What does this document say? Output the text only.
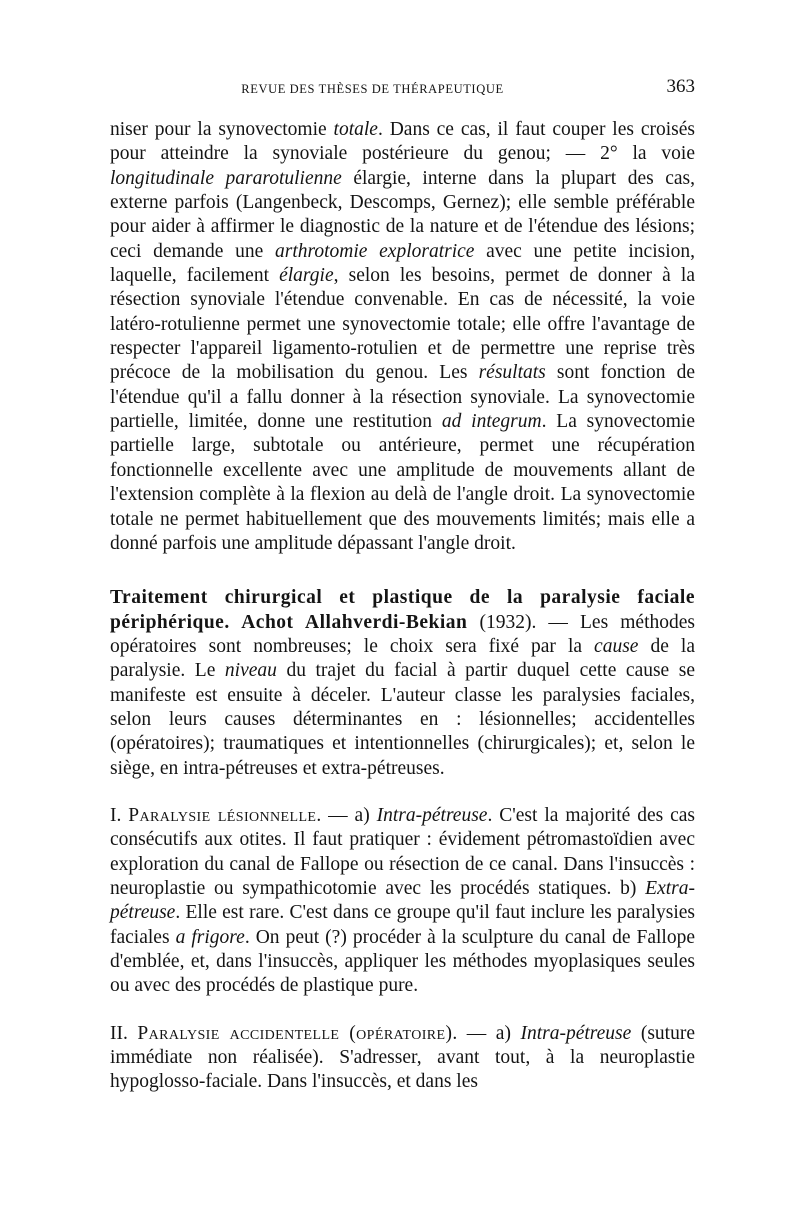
REVUE DES THÈSES DE THÉRAPEUTIQUE	363

niser pour la synovectomie totale. Dans ce cas, il faut couper les croisés pour atteindre la synoviale postérieure du genou; — 2° la voie longitudinale pararotulienne élargie, interne dans la plupart des cas, externe parfois (Langenbeck, Descomps, Gernez); elle semble préférable pour aider à affirmer le diagnostic de la nature et de l'étendue des lésions; ceci demande une arthrotomie exploratrice avec une petite incision, laquelle, facilement élargie, selon les besoins, permet de donner à la résection synoviale l'étendue convenable. En cas de nécessité, la voie latéro-rotulienne permet une synovectomie totale; elle offre l'avantage de respecter l'appareil ligamento-rotulien et de permettre une reprise très précoce de la mobilisation du genou. Les résultats sont fonction de l'étendue qu'il a fallu donner à la résection synoviale. La synovectomie partielle, limitée, donne une restitution ad integrum. La synovectomie partielle large, subtotale ou antérieure, permet une récupération fonctionnelle excellente avec une amplitude de mouvements allant de l'extension complète à la flexion au delà de l'angle droit. La synovectomie totale ne permet habituellement que des mouvements limités; mais elle a donné parfois une amplitude dépassant l'angle droit.

Traitement chirurgical et plastique de la paralysie faciale périphérique. Achot Allahverdi-Bekian (1932). — Les méthodes opératoires sont nombreuses; le choix sera fixé par la cause de la paralysie. Le niveau du trajet du facial à partir duquel cette cause se manifeste est ensuite à déceler. L'auteur classe les paralysies faciales, selon leurs causes déterminantes en : lésionnelles; accidentelles (opératoires); traumatiques et intentionnelles (chirurgicales); et, selon le siège, en intra-pétreuses et extra-pétreuses.

I. Paralysie lésionnelle. — a) Intra-pétreuse. C'est la majorité des cas consécutifs aux otites. Il faut pratiquer : évidement pétromastoïdien avec exploration du canal de Fallope ou résection de ce canal. Dans l'insuccès : neuroplastie ou sympathicotomie avec les procédés statiques. b) Extra-pétreuse. Elle est rare. C'est dans ce groupe qu'il faut inclure les paralysies faciales a frigore. On peut (?) procéder à la sculpture du canal de Fallope d'emblée, et, dans l'insuccès, appliquer les méthodes myoplasiques seules ou avec des procédés de plastique pure.

II. Paralysie accidentelle (opératoire). — a) Intra-pétreuse (suture immédiate non réalisée). S'adresser, avant tout, à la neuroplastie hypoglosso-faciale. Dans l'insuccès, et dans les
